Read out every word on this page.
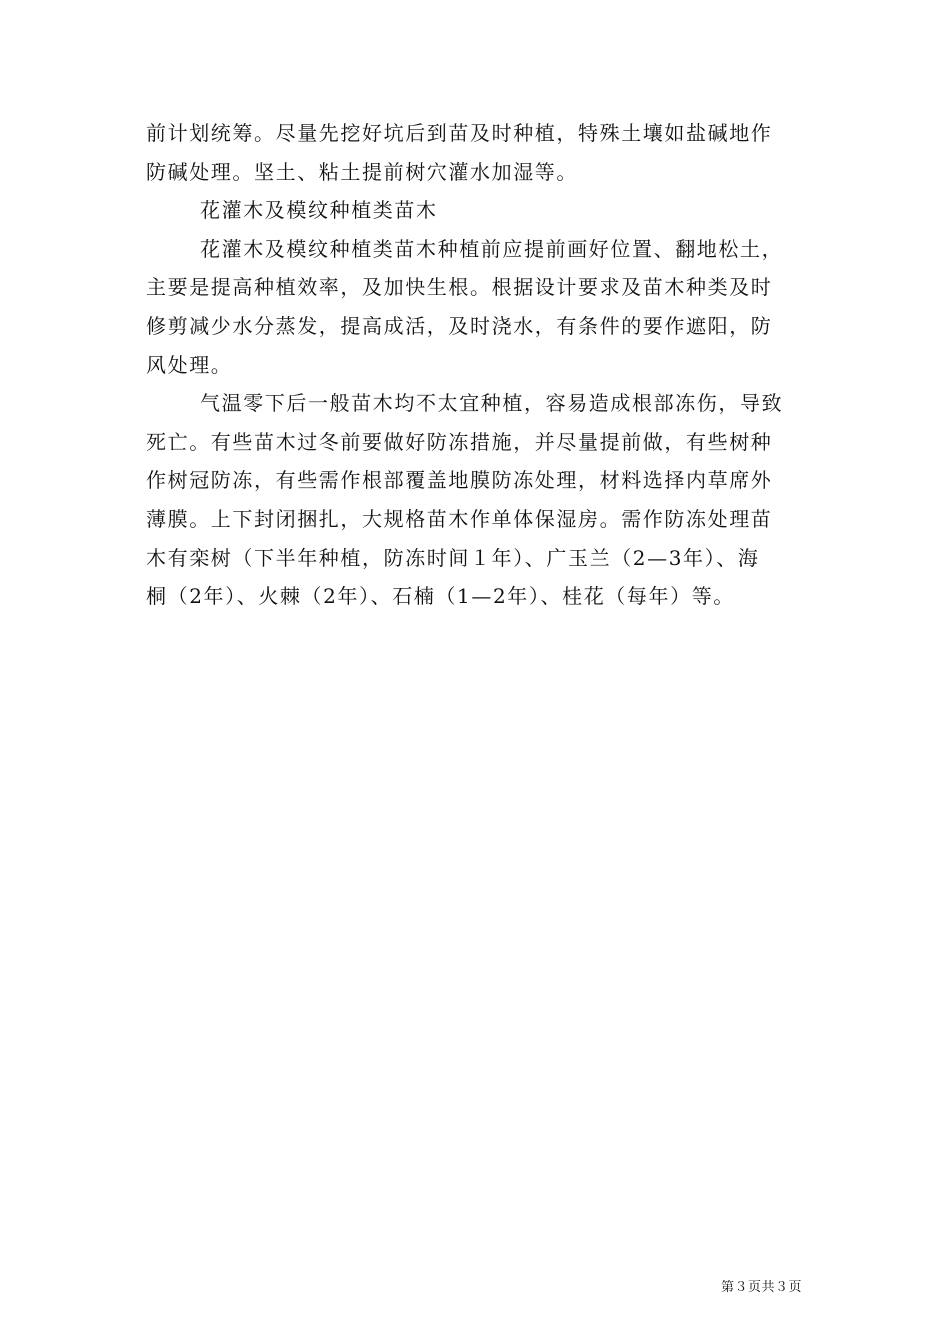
前计划统筹。尽量先挖好坑后到苗及时种植，特殊土壤如盐碱地作
防碱处理。坚土、粘土提前树穴灌水加湿等。
花灌木及模纹种植类苗木
花灌木及模纹种植类苗木种植前应提前画好位置、翻地松土，
主要是提高种植效率，及加快生根。根据设计要求及苗木种类及时
修剪减少水分蒸发，提高成活，及时浇水，有条件的要作遮阳，防
风处理。
气温零下后一般苗木均不太宜种植，容易造成根部冻伤，导致
死亡。有些苗木过冬前要做好防冻措施，并尽量提前做，有些树种
作树冠防冻，有些需作根部覆盖地膜防冻处理，材料选择内草席外
薄膜。上下封闭捆扎，大规格苗木作单体保湿房。需作防冻处理苗
木有栾树（下半年种植，防冻时间１年）、广玉兰（2—3年）、海
桐（2年）、火棘（2年）、石楠（1—2年）、桂花（每年）等。
第３页共３页
